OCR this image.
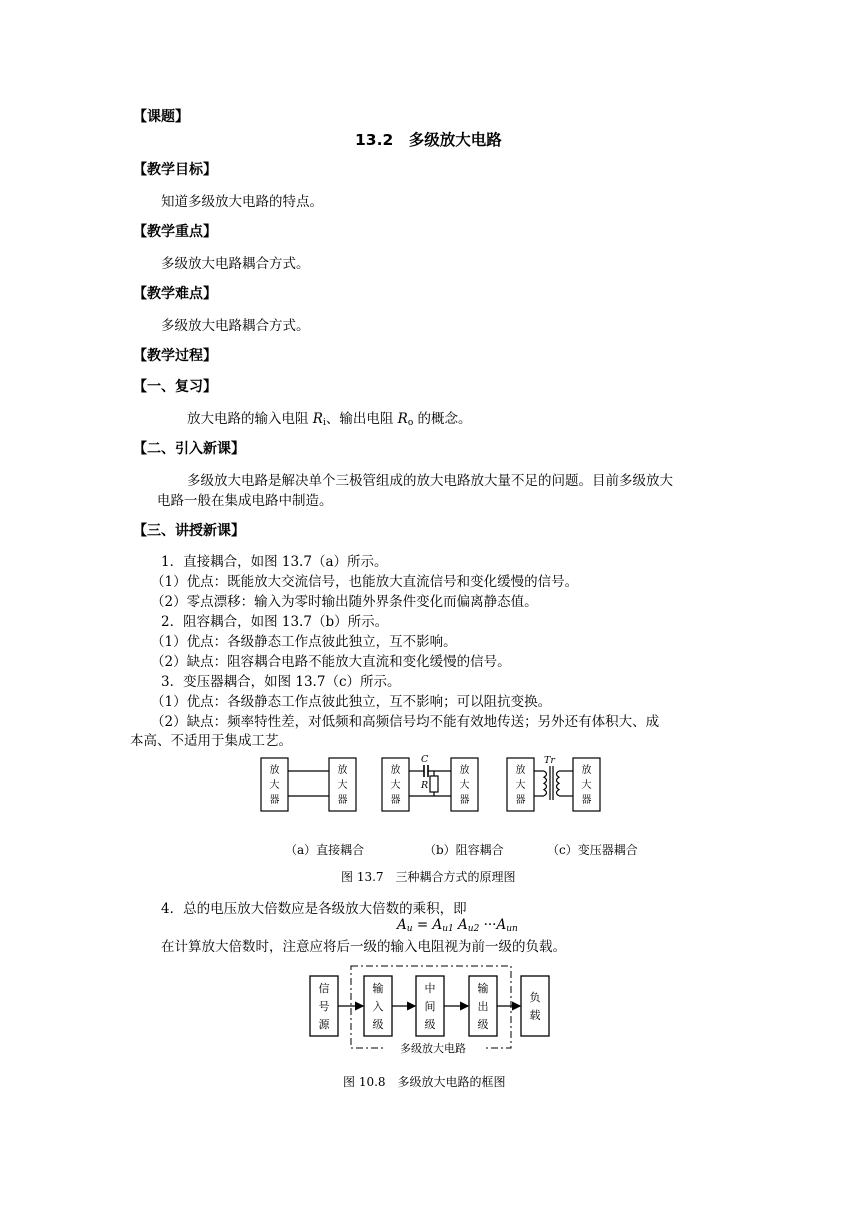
【课题】
13.2　多级放大电路
【教学目标】
知道多级放大电路的特点。
【教学重点】
多级放大电路耦合方式。
【教学难点】
多级放大电路耦合方式。
【教学过程】
【一、复习】
放大电路的输入电阻 $R_i$、输出电阻 $R_o$ 的概念。
【二、引入新课】
多级放大电路是解决单个三极管组成的放大电路放大量不足的问题。目前多级放大
电路一般在集成电路中制造。
【三、讲授新课】
1．直接耦合，如图 13.7（a）所示。
（1）优点：既能放大交流信号，也能放大直流信号和变化缓慢的信号。
（2）零点漂移：输入为零时输出随外界条件变化而偏离静态值。
2．阻容耦合，如图 13.7（b）所示。
（1）优点：各级静态工作点彼此独立，互不影响。
（2）缺点：阻容耦合电路不能放大直流和变化缓慢的信号。
3．变压器耦合，如图 13.7（c）所示。
（1）优点：各级静态工作点彼此独立，互不影响；可以阻抗变换。
（2）缺点：频率特性差，对低频和高频信号均不能有效地传送；另外还有体积大、成
本高、不适用于集成工艺。
放
大
器
放
大
器
放
大
器
放
大
器
放
大
器
放
大
器
C
R
Tr
（a）直接耦合	（b）阻容耦合	（c）变压器耦合
图 13.7　三种耦合方式的原理图
4．总的电压放大倍数应是各级放大倍数的乘积，即
$A_u = A_{u1}$ $A_{u2} \cdot\cdot\cdot A_{un}$
在计算放大倍数时，注意应将后一级的输入电阻视为前一级的负载。
信
号
源
输
入
级
中
间
级
输
出
级
负
载
多级放大电路
图 10.8　多级放大电路的框图
